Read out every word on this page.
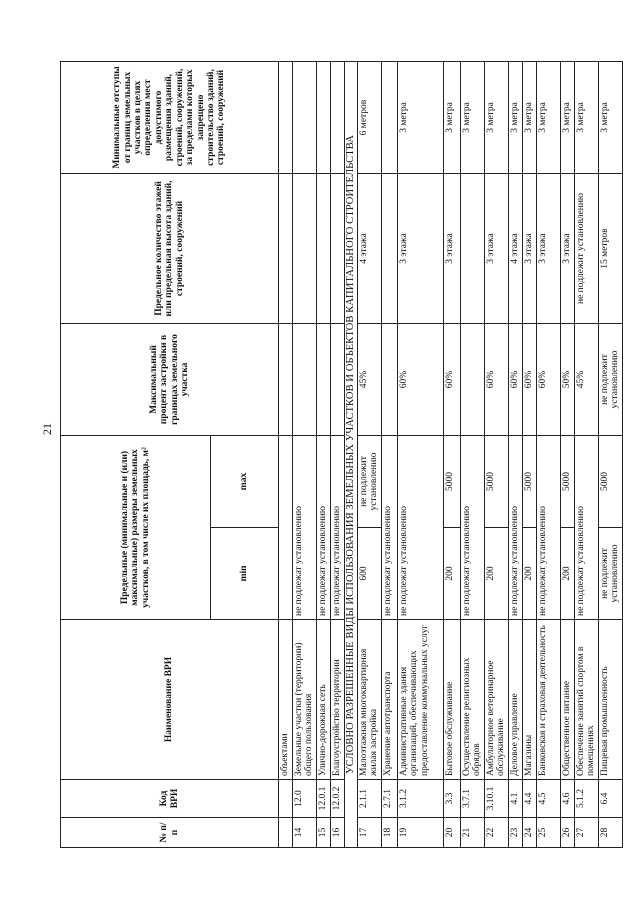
21
№ п/п	Код ВРИ	Наименование ВРИ	Предельные (минимальные и (или) максимальные) размеры земельных участков, в том числе их площадь, м²		Максимальный процент застройки в границах земельного участка	Предельное количество этажей или предельная высота зданий, строений, сооружений	Минимальные отступы от границ земельных участков в целях определения мест допустимого размещения зданий, строений, сооружений, за пределами которых запрещено строительство зданий, строений, сооружений
			min	max			
		объектами					
14	12.0	Земельные участки (территории) общего пользования	не подлежат установлению				
15	12.0.1	Улично-дорожная сеть	не подлежат установлению				
16	12.0.2	Благоустройство территории	не подлежат установлению				
УСЛОВНО РАЗРЕШЕННЫЕ ВИДЫ ИСПОЛЬЗОВАНИЯ ЗЕМЕЛЬНЫХ УЧАСТКОВ И ОБЪЕКТОВ КАПИТАЛЬНОГО СТРОИТЕЛЬСТВА							
17	2.1.1	Малоэтажная многоквартирная жилая застройка	600	не подлежит установлению	45%	4 этажа	6 метров
18	2.7.1	Хранение автотранспорта	не подлежат установлению				
19	3.1.2	Административные здания организаций, обеспечивающих предоставление коммунальных услуг	не подлежат установлению		60%	3 этажа	3 метра
20	3.3	Бытовое обслуживание	200	5000	60%	3 этажа	3 метра
21	3.7.1	Осуществление религиозных обрядов	не подлежат установлению				3 метра
22	3.10.1	Амбулаторное ветеринарное обслуживание	200	5000	60%	3 этажа	3 метра
23	4.1	Деловое управление	не подлежат установлению		60%	4 этажа	3 метра
24	4.4	Магазины	200	5000	60%	3 этажа	3 метра
25	4.5	Банковская и страховая деятельность	не подлежат установлению		60%	3 этажа	3 метра
26	4.6	Общественное питание	200	5000	50%	3 этажа	3 метра
27	5.1.2	Обеспечение занятий спортом в помещениях	не подлежат установлению		45%	не подлежит установлению	3 метра
28	6.4	Пищевая промышленность	не подлежит установлению	5000	не подлежит установлению	15 метров	3 метра
